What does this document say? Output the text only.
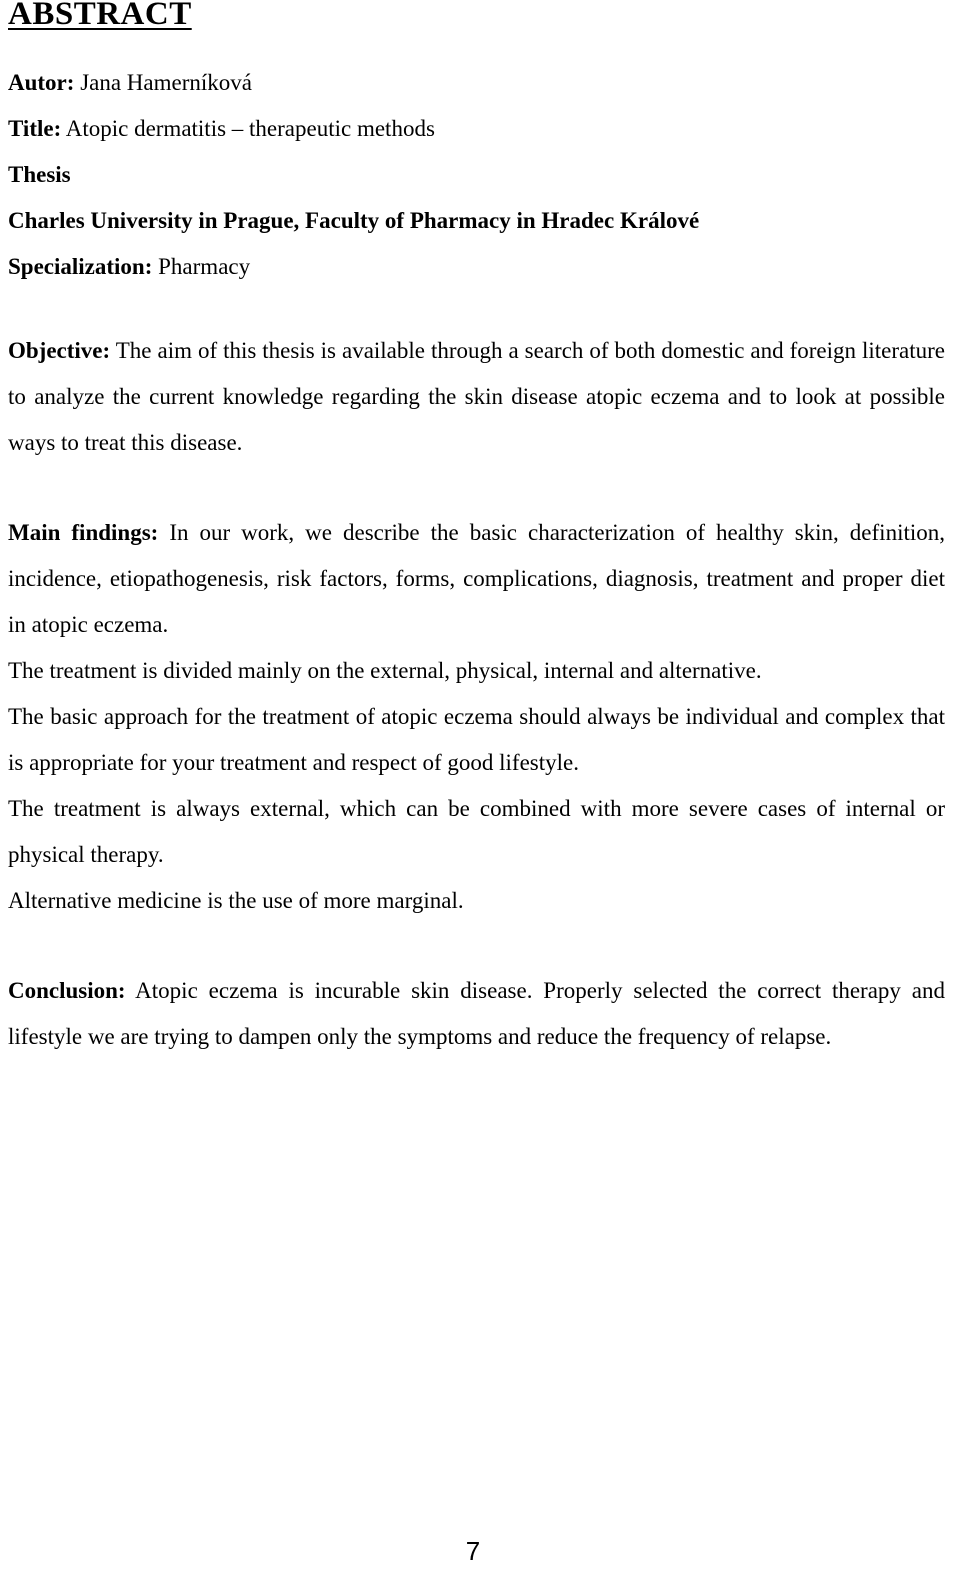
ABSTRACT
Autor: Jana Hamerníková
Title: Atopic dermatitis – therapeutic methods
Thesis
Charles University in Prague, Faculty of Pharmacy in Hradec Králové
Specialization: Pharmacy

Objective: The aim of this thesis is available through a search of both domestic and foreign literature to analyze the current knowledge regarding the skin disease atopic eczema and to look at possible ways to treat this disease.

Main findings: In our work, we describe the basic characterization of healthy skin, definition, incidence, etiopathogenesis, risk factors, forms, complications, diagnosis, treatment and proper diet in atopic eczema.

The treatment is divided mainly on the external, physical, internal and alternative.

The basic approach for the treatment of atopic eczema should always be individual and complex that is appropriate for your treatment and respect of good lifestyle.

The treatment is always external, which can be combined with more severe cases of internal or physical therapy.

Alternative medicine is the use of more marginal.

Conclusion: Atopic eczema is incurable skin disease. Properly selected the correct therapy and lifestyle we are trying to dampen only the symptoms and reduce the frequency of relapse.

7
